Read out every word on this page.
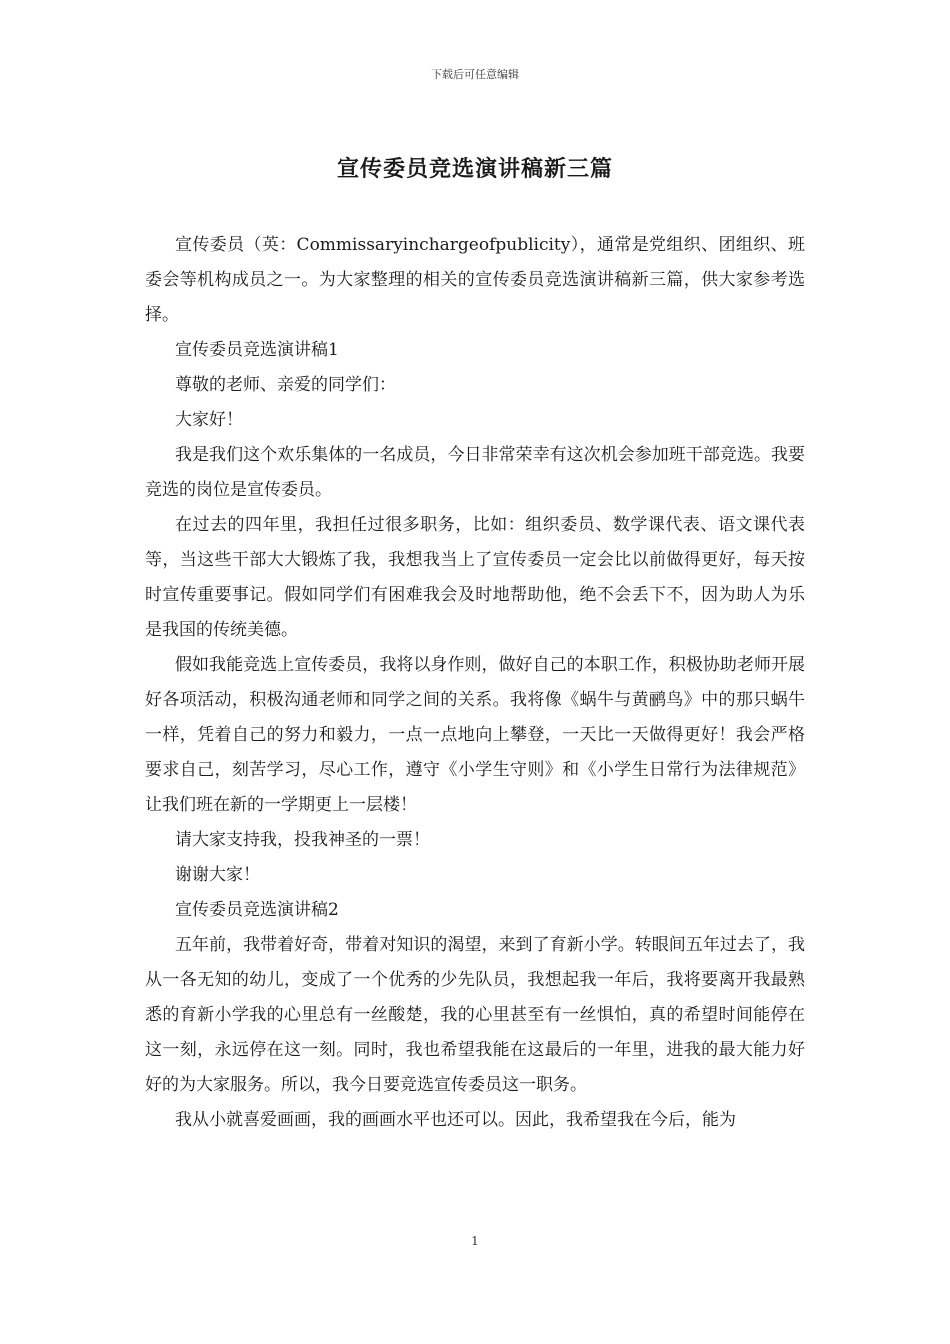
下载后可任意编辑
宣传委员竞选演讲稿新三篇

宣传委员（英：Commissaryinchargeofpublicity），通常是党组织、团组织、班委会等机构成员之一。为大家整理的相关的宣传委员竞选演讲稿新三篇，供大家参考选择。

宣传委员竞选演讲稿1

尊敬的老师、亲爱的同学们：

大家好！

我是我们这个欢乐集体的一名成员，今日非常荣幸有这次机会参加班干部竞选。我要竞选的岗位是宣传委员。

在过去的四年里，我担任过很多职务，比如：组织委员、数学课代表、语文课代表等，当这些干部大大锻炼了我，我想我当上了宣传委员一定会比以前做得更好，每天按时宣传重要事记。假如同学们有困难我会及时地帮助他，绝不会丢下不，因为助人为乐是我国的传统美德。

假如我能竞选上宣传委员，我将以身作则，做好自己的本职工作，积极协助老师开展好各项活动，积极沟通老师和同学之间的关系。我将像《蜗牛与黄鹂鸟》中的那只蜗牛一样，凭着自己的努力和毅力，一点一点地向上攀登，一天比一天做得更好！我会严格要求自己，刻苦学习，尽心工作，遵守《小学生守则》和《小学生日常行为法律规范》让我们班在新的一学期更上一层楼！

请大家支持我，投我神圣的一票！

谢谢大家！

宣传委员竞选演讲稿2

五年前，我带着好奇，带着对知识的渴望，来到了育新小学。转眼间五年过去了，我从一各无知的幼儿，变成了一个优秀的少先队员，我想起我一年后，我将要离开我最熟悉的育新小学我的心里总有一丝酸楚，我的心里甚至有一丝惧怕，真的希望时间能停在这一刻，永远停在这一刻。同时，我也希望我能在这最后的一年里，进我的最大能力好好的为大家服务。所以，我今日要竞选宣传委员这一职务。

我从小就喜爱画画，我的画画水平也还可以。因此，我希望我在今后，能为

1
